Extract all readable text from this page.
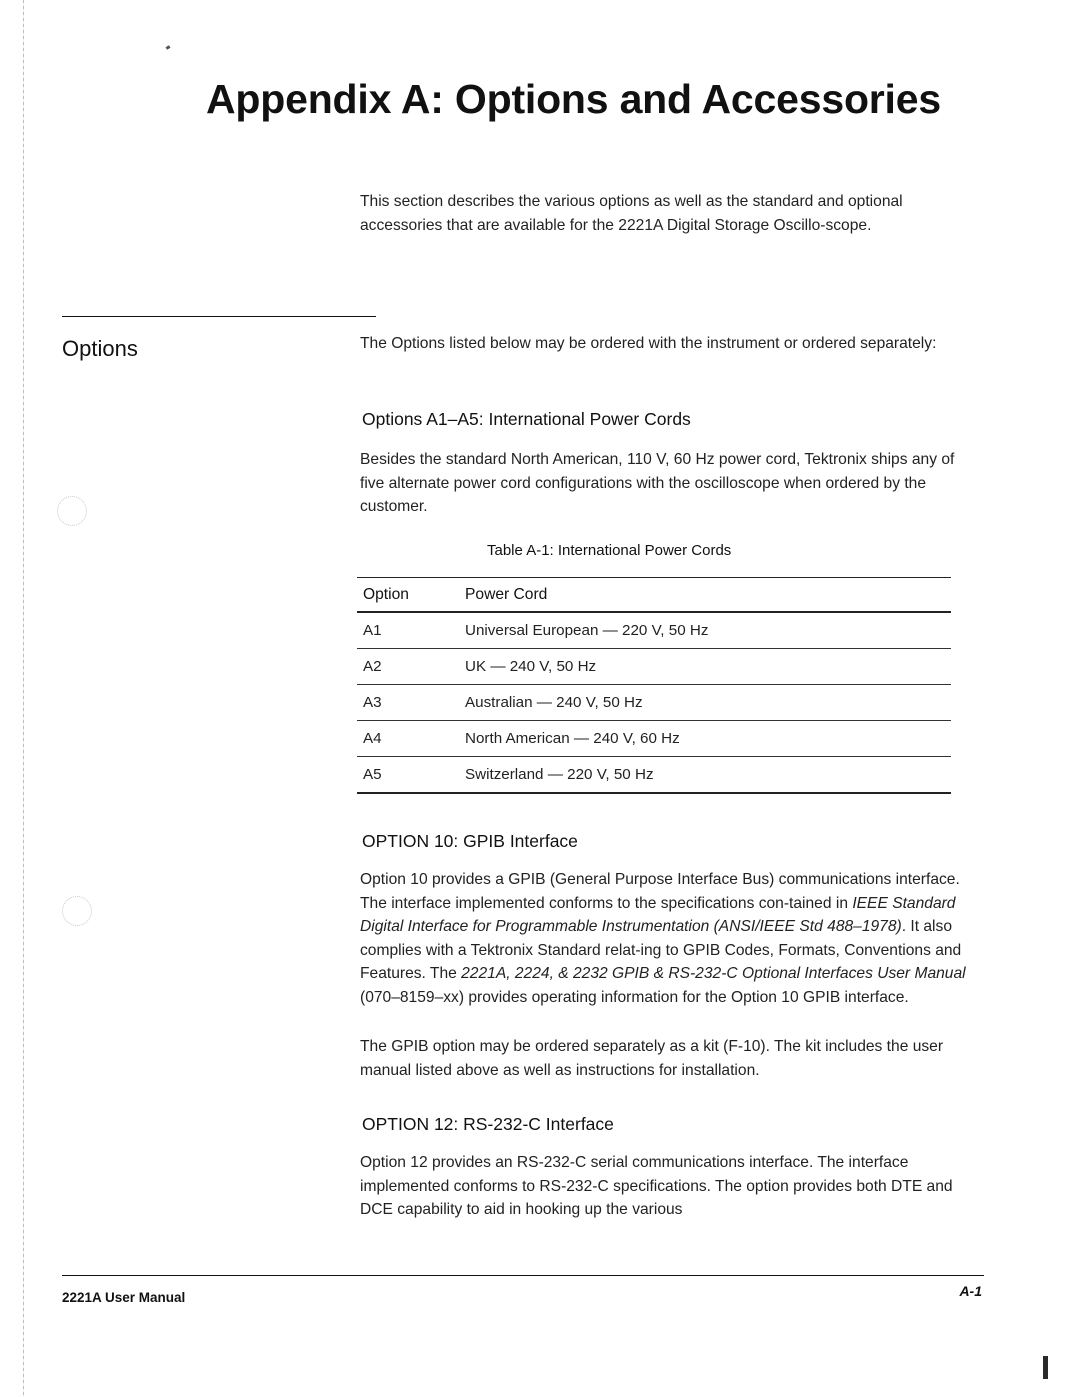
Appendix A: Options and Accessories

This section describes the various options as well as the standard and optional accessories that are available for the 2221A Digital Storage Oscillo-scope.

Options	The Options listed below may be ordered with the instrument or ordered separately:

Options A1–A5: International Power Cords

Besides the standard North American, 110 V, 60 Hz power cord, Tektronix ships any of five alternate power cord configurations with the oscilloscope when ordered by the customer.

Table A-1: International Power Cords

Option	Power Cord
A1	Universal European — 220 V, 50 Hz
A2	UK — 240 V, 50 Hz
A3	Australian — 240 V, 50 Hz
A4	North American — 240 V, 60 Hz
A5	Switzerland — 220 V, 50 Hz
OPTION 10: GPIB Interface

Option 10 provides a GPIB (General Purpose Interface Bus) communications interface. The interface implemented conforms to the specifications con-tained in IEEE Standard Digital Interface for Programmable Instrumentation (ANSI/IEEE Std 488–1978). It also complies with a Tektronix Standard relat-ing to GPIB Codes, Formats, Conventions and Features. The 2221A, 2224, & 2232 GPIB & RS-232-C Optional Interfaces User Manual (070–8159–xx) provides operating information for the Option 10 GPIB interface.

The GPIB option may be ordered separately as a kit (F-10). The kit includes the user manual listed above as well as instructions for installation.

OPTION 12: RS-232-C Interface

Option 12 provides an RS-232-C serial communications interface. The interface implemented conforms to RS-232-C specifications. The option provides both DTE and DCE capability to aid in hooking up the various

2221A User Manual	A-1
